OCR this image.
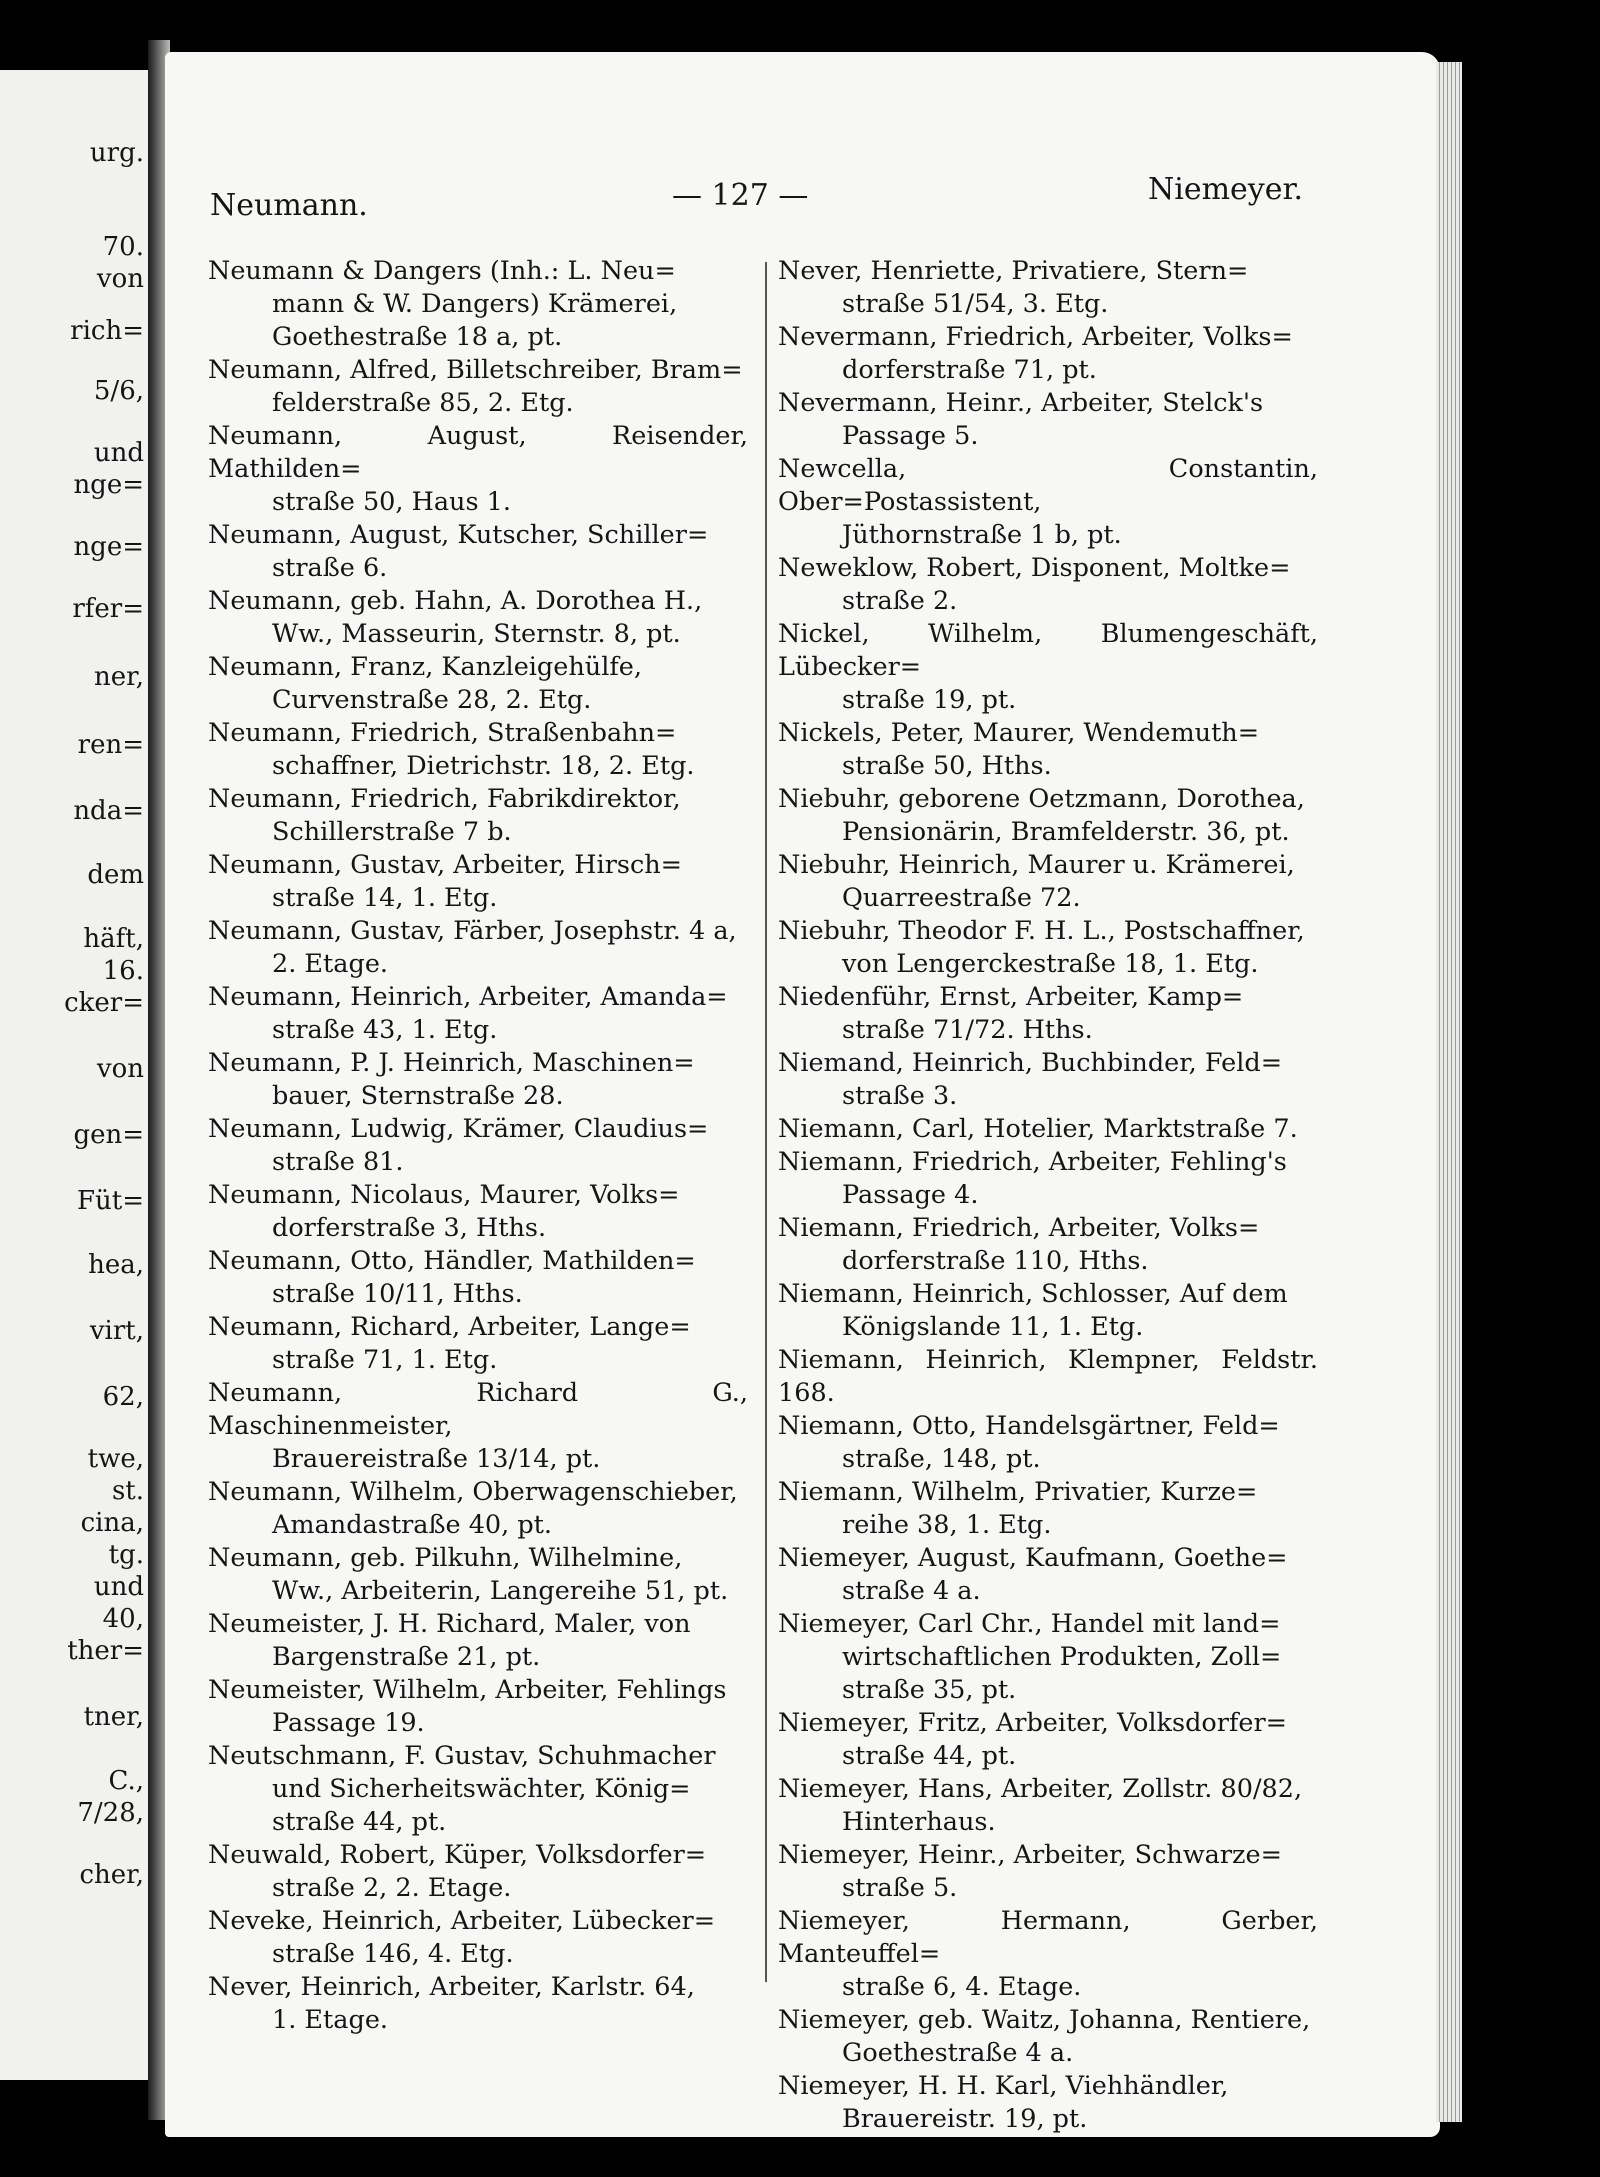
urg.
70.
von
rich=
5/6,
und
nge=
nge=
rfer=
ner,
ren=
nda=
dem
häft,
16.
cker=
von
gen=
Füt=
hea,
virt,
62,
twe,
st.
cina,
tg.
und
40,
ther=
tner,
C.,
7/28,
cher,
Neumann.	— 127 —	Niemeyer.

Neumann & Dangers (Inh.: L. Neu=
mann & W. Dangers) Krämerei,
Goethestraße 18 a, pt.

Neumann, Alfred, Billetschreiber, Bram=
felderstraße 85, 2. Etg.

Neumann, August, Reisender, Mathilden=
straße 50, Haus 1.

Neumann, August, Kutscher, Schiller=
straße 6.

Neumann, geb. Hahn, A. Dorothea H.,
Ww., Masseurin, Sternstr. 8, pt.

Neumann, Franz, Kanzleigehülfe,
Curvenstraße 28, 2. Etg.

Neumann, Friedrich, Straßenbahn=
schaffner, Dietrichstr. 18, 2. Etg.

Neumann, Friedrich, Fabrikdirektor,
Schillerstraße 7 b.

Neumann, Gustav, Arbeiter, Hirsch=
straße 14, 1. Etg.

Neumann, Gustav, Färber, Josephstr. 4 a,
2. Etage.

Neumann, Heinrich, Arbeiter, Amanda=
straße 43, 1. Etg.

Neumann, P. J. Heinrich, Maschinen=
bauer, Sternstraße 28.

Neumann, Ludwig, Krämer, Claudius=
straße 81.

Neumann, Nicolaus, Maurer, Volks=
dorferstraße 3, Hths.

Neumann, Otto, Händler, Mathilden=
straße 10/11, Hths.

Neumann, Richard, Arbeiter, Lange=
straße 71, 1. Etg.

Neumann, Richard G., Maschinenmeister,
Brauereistraße 13/14, pt.

Neumann, Wilhelm, Oberwagenschieber,
Amandastraße 40, pt.

Neumann, geb. Pilkuhn, Wilhelmine,
Ww., Arbeiterin, Langereihe 51, pt.

Neumeister, J. H. Richard, Maler, von
Bargenstraße 21, pt.

Neumeister, Wilhelm, Arbeiter, Fehlings
Passage 19.

Neutschmann, F. Gustav, Schuhmacher
und Sicherheitswächter, König=
straße 44, pt.

Neuwald, Robert, Küper, Volksdorfer=
straße 2, 2. Etage.

Neveke, Heinrich, Arbeiter, Lübecker=
straße 146, 4. Etg.

Never, Heinrich, Arbeiter, Karlstr. 64,
1. Etage.

Never, Henriette, Privatiere, Stern=
straße 51/54, 3. Etg.

Nevermann, Friedrich, Arbeiter, Volks=
dorferstraße 71, pt.

Nevermann, Heinr., Arbeiter, Stelck's
Passage 5.

Newcella, Constantin, Ober=Postassistent,
Jüthornstraße 1 b, pt.

Neweklow, Robert, Disponent, Moltke=
straße 2.

Nickel, Wilhelm, Blumengeschäft, Lübecker=
straße 19, pt.

Nickels, Peter, Maurer, Wendemuth=
straße 50, Hths.

Niebuhr, geborene Oetzmann, Dorothea,
Pensionärin, Bramfelderstr. 36, pt.

Niebuhr, Heinrich, Maurer u. Krämerei,
Quarreestraße 72.

Niebuhr, Theodor F. H. L., Postschaffner,
von Lengerckestraße 18, 1. Etg.

Niedenführ, Ernst, Arbeiter, Kamp=
straße 71/72. Hths.

Niemand, Heinrich, Buchbinder, Feld=
straße 3.

Niemann, Carl, Hotelier, Marktstraße 7.

Niemann, Friedrich, Arbeiter, Fehling's
Passage 4.

Niemann, Friedrich, Arbeiter, Volks=
dorferstraße 110, Hths.

Niemann, Heinrich, Schlosser, Auf dem
Königslande 11, 1. Etg.

Niemann, Heinrich, Klempner, Feldstr. 168.

Niemann, Otto, Handelsgärtner, Feld=
straße, 148, pt.

Niemann, Wilhelm, Privatier, Kurze=
reihe 38, 1. Etg.

Niemeyer, August, Kaufmann, Goethe=
straße 4 a.

Niemeyer, Carl Chr., Handel mit land=
wirtschaftlichen Produkten, Zoll=
straße 35, pt.

Niemeyer, Fritz, Arbeiter, Volksdorfer=
straße 44, pt.

Niemeyer, Hans, Arbeiter, Zollstr. 80/82,
Hinterhaus.

Niemeyer, Heinr., Arbeiter, Schwarze=
straße 5.

Niemeyer, Hermann, Gerber, Manteuffel=
straße 6, 4. Etage.

Niemeyer, geb. Waitz, Johanna, Rentiere,
Goethestraße 4 a.

Niemeyer, H. H. Karl, Viehhändler,
Brauereistr. 19, pt.
